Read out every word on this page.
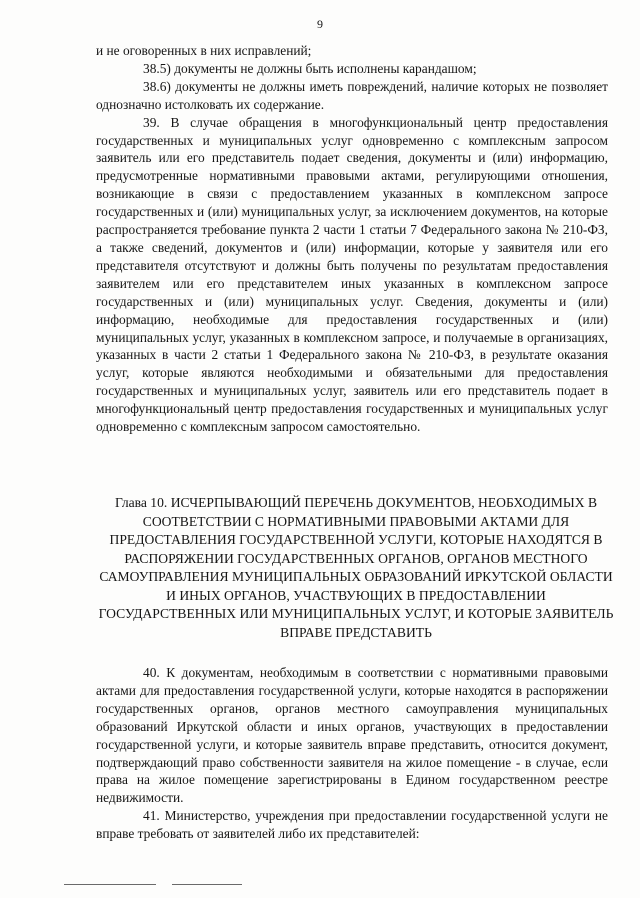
9

и не оговоренных в них исправлений;

38.5) документы не должны быть исполнены карандашом;

38.6) документы не должны иметь повреждений, наличие которых не позволяет однозначно истолковать их содержание.

39. В случае обращения в многофункциональный центр предоставления государственных и муниципальных услуг одновременно с комплексным запросом заявитель или его представитель подает сведения, документы и (или) информацию, предусмотренные нормативными правовыми актами, регулирующими отношения, возникающие в связи с предоставлением указанных в комплексном запросе государственных и (или) муниципальных услуг, за исключением документов, на которые распространяется требование пункта 2 части 1 статьи 7 Федерального закона № 210-ФЗ, а также сведений, документов и (или) информации, которые у заявителя или его представителя отсутствуют и должны быть получены по результатам предоставления заявителем или его представителем иных указанных в комплексном запросе государственных и (или) муниципальных услуг. Сведения, документы и (или) информацию, необходимые для предоставления государственных и (или) муниципальных услуг, указанных в комплексном запросе, и получаемые в организациях, указанных в части 2 статьи 1 Федерального закона № 210-ФЗ, в результате оказания услуг, которые являются необходимыми и обязательными для предоставления государственных и муниципальных услуг, заявитель или его представитель подает в многофункциональный центр предоставления государственных и муниципальных услуг одновременно с комплексным запросом самостоятельно.

Глава 10. ИСЧЕРПЫВАЮЩИЙ ПЕРЕЧЕНЬ ДОКУМЕНТОВ, НЕОБХОДИМЫХ В СООТВЕТСТВИИ С НОРМАТИВНЫМИ ПРАВОВЫМИ АКТАМИ ДЛЯ ПРЕДОСТАВЛЕНИЯ ГОСУДАРСТВЕННОЙ УСЛУГИ, КОТОРЫЕ НАХОДЯТСЯ В РАСПОРЯЖЕНИИ ГОСУДАРСТВЕННЫХ ОРГАНОВ, ОРГАНОВ МЕСТНОГО САМОУПРАВЛЕНИЯ МУНИЦИПАЛЬНЫХ ОБРАЗОВАНИЙ ИРКУТСКОЙ ОБЛАСТИ И ИНЫХ ОРГАНОВ, УЧАСТВУЮЩИХ В ПРЕДОСТАВЛЕНИИ ГОСУДАРСТВЕННЫХ ИЛИ МУНИЦИПАЛЬНЫХ УСЛУГ, И КОТОРЫЕ ЗАЯВИТЕЛЬ ВПРАВЕ ПРЕДСТАВИТЬ

40. К документам, необходимым в соответствии с нормативными правовыми актами для предоставления государственной услуги, которые находятся в распоряжении государственных органов, органов местного самоуправления муниципальных образований Иркутской области и иных органов, участвующих в предоставлении государственной услуги, и которые заявитель вправе представить, относится документ, подтверждающий право собственности заявителя на жилое помещение - в случае, если права на жилое помещение зарегистрированы в Едином государственном реестре недвижимости.

41. Министерство, учреждения при предоставлении государственной услуги не вправе требовать от заявителей либо их представителей:
